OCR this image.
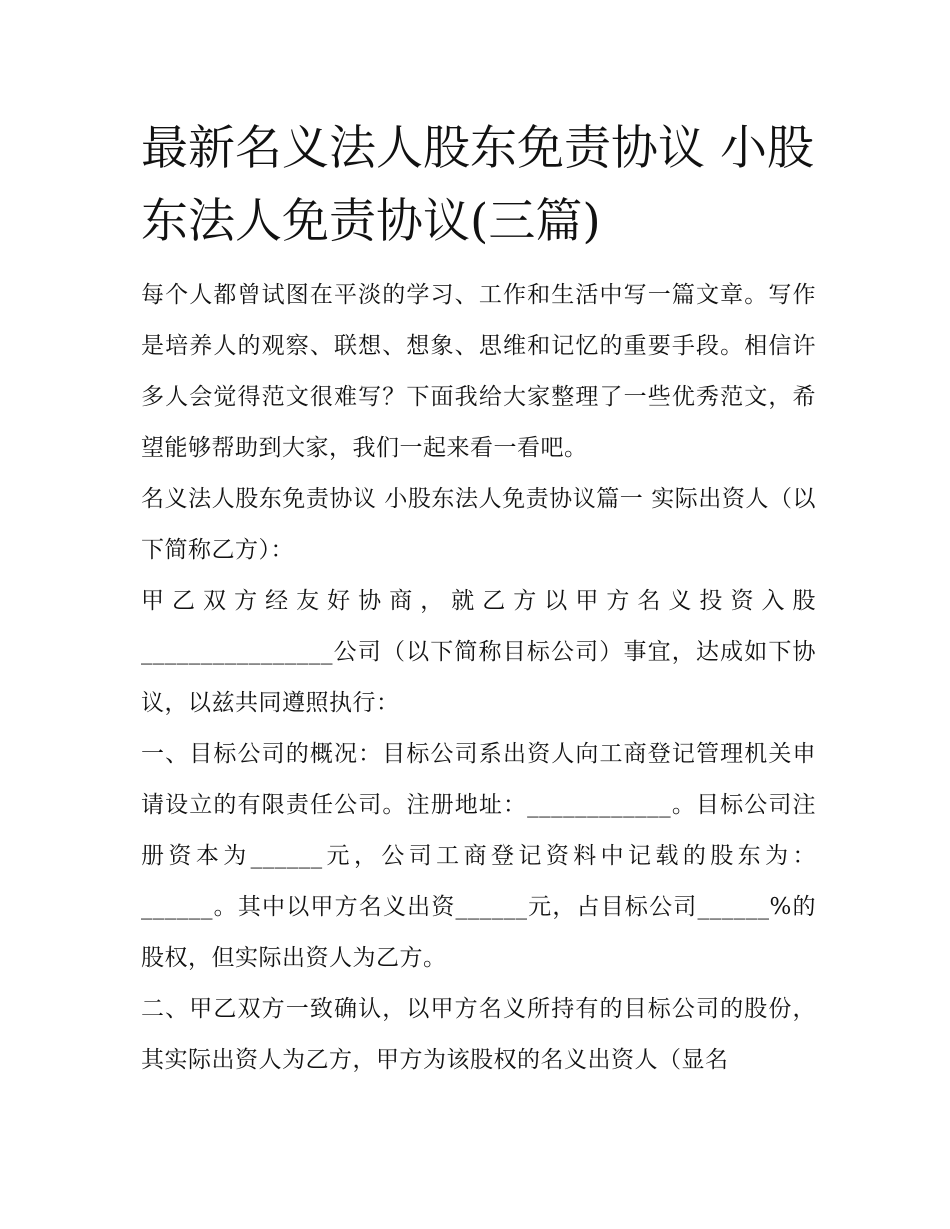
最新名义法人股东免责协议 小股东法人免责协议(三篇)

每个人都曾试图在平淡的学习、工作和生活中写一篇文章。写作是培养人的观察、联想、想象、思维和记忆的重要手段。相信许多人会觉得范文很难写？下面我给大家整理了一些优秀范文，希望能够帮助到大家，我们一起来看一看吧。

名义法人股东免责协议 小股东法人免责协议篇一 实际出资人（以下简称乙方）：

甲乙双方经友好协商，就乙方以甲方名义投资入股________________公司（以下简称目标公司）事宜，达成如下协议，以兹共同遵照执行：

一、目标公司的概况：目标公司系出资人向工商登记管理机关申请设立的有限责任公司。注册地址：____________。目标公司注册资本为______元，公司工商登记资料中记载的股东为：______。其中以甲方名义出资______元，占目标公司______%的股权，但实际出资人为乙方。

二、甲乙双方一致确认，以甲方名义所持有的目标公司的股份，其实际出资人为乙方，甲方为该股权的名义出资人（显名
